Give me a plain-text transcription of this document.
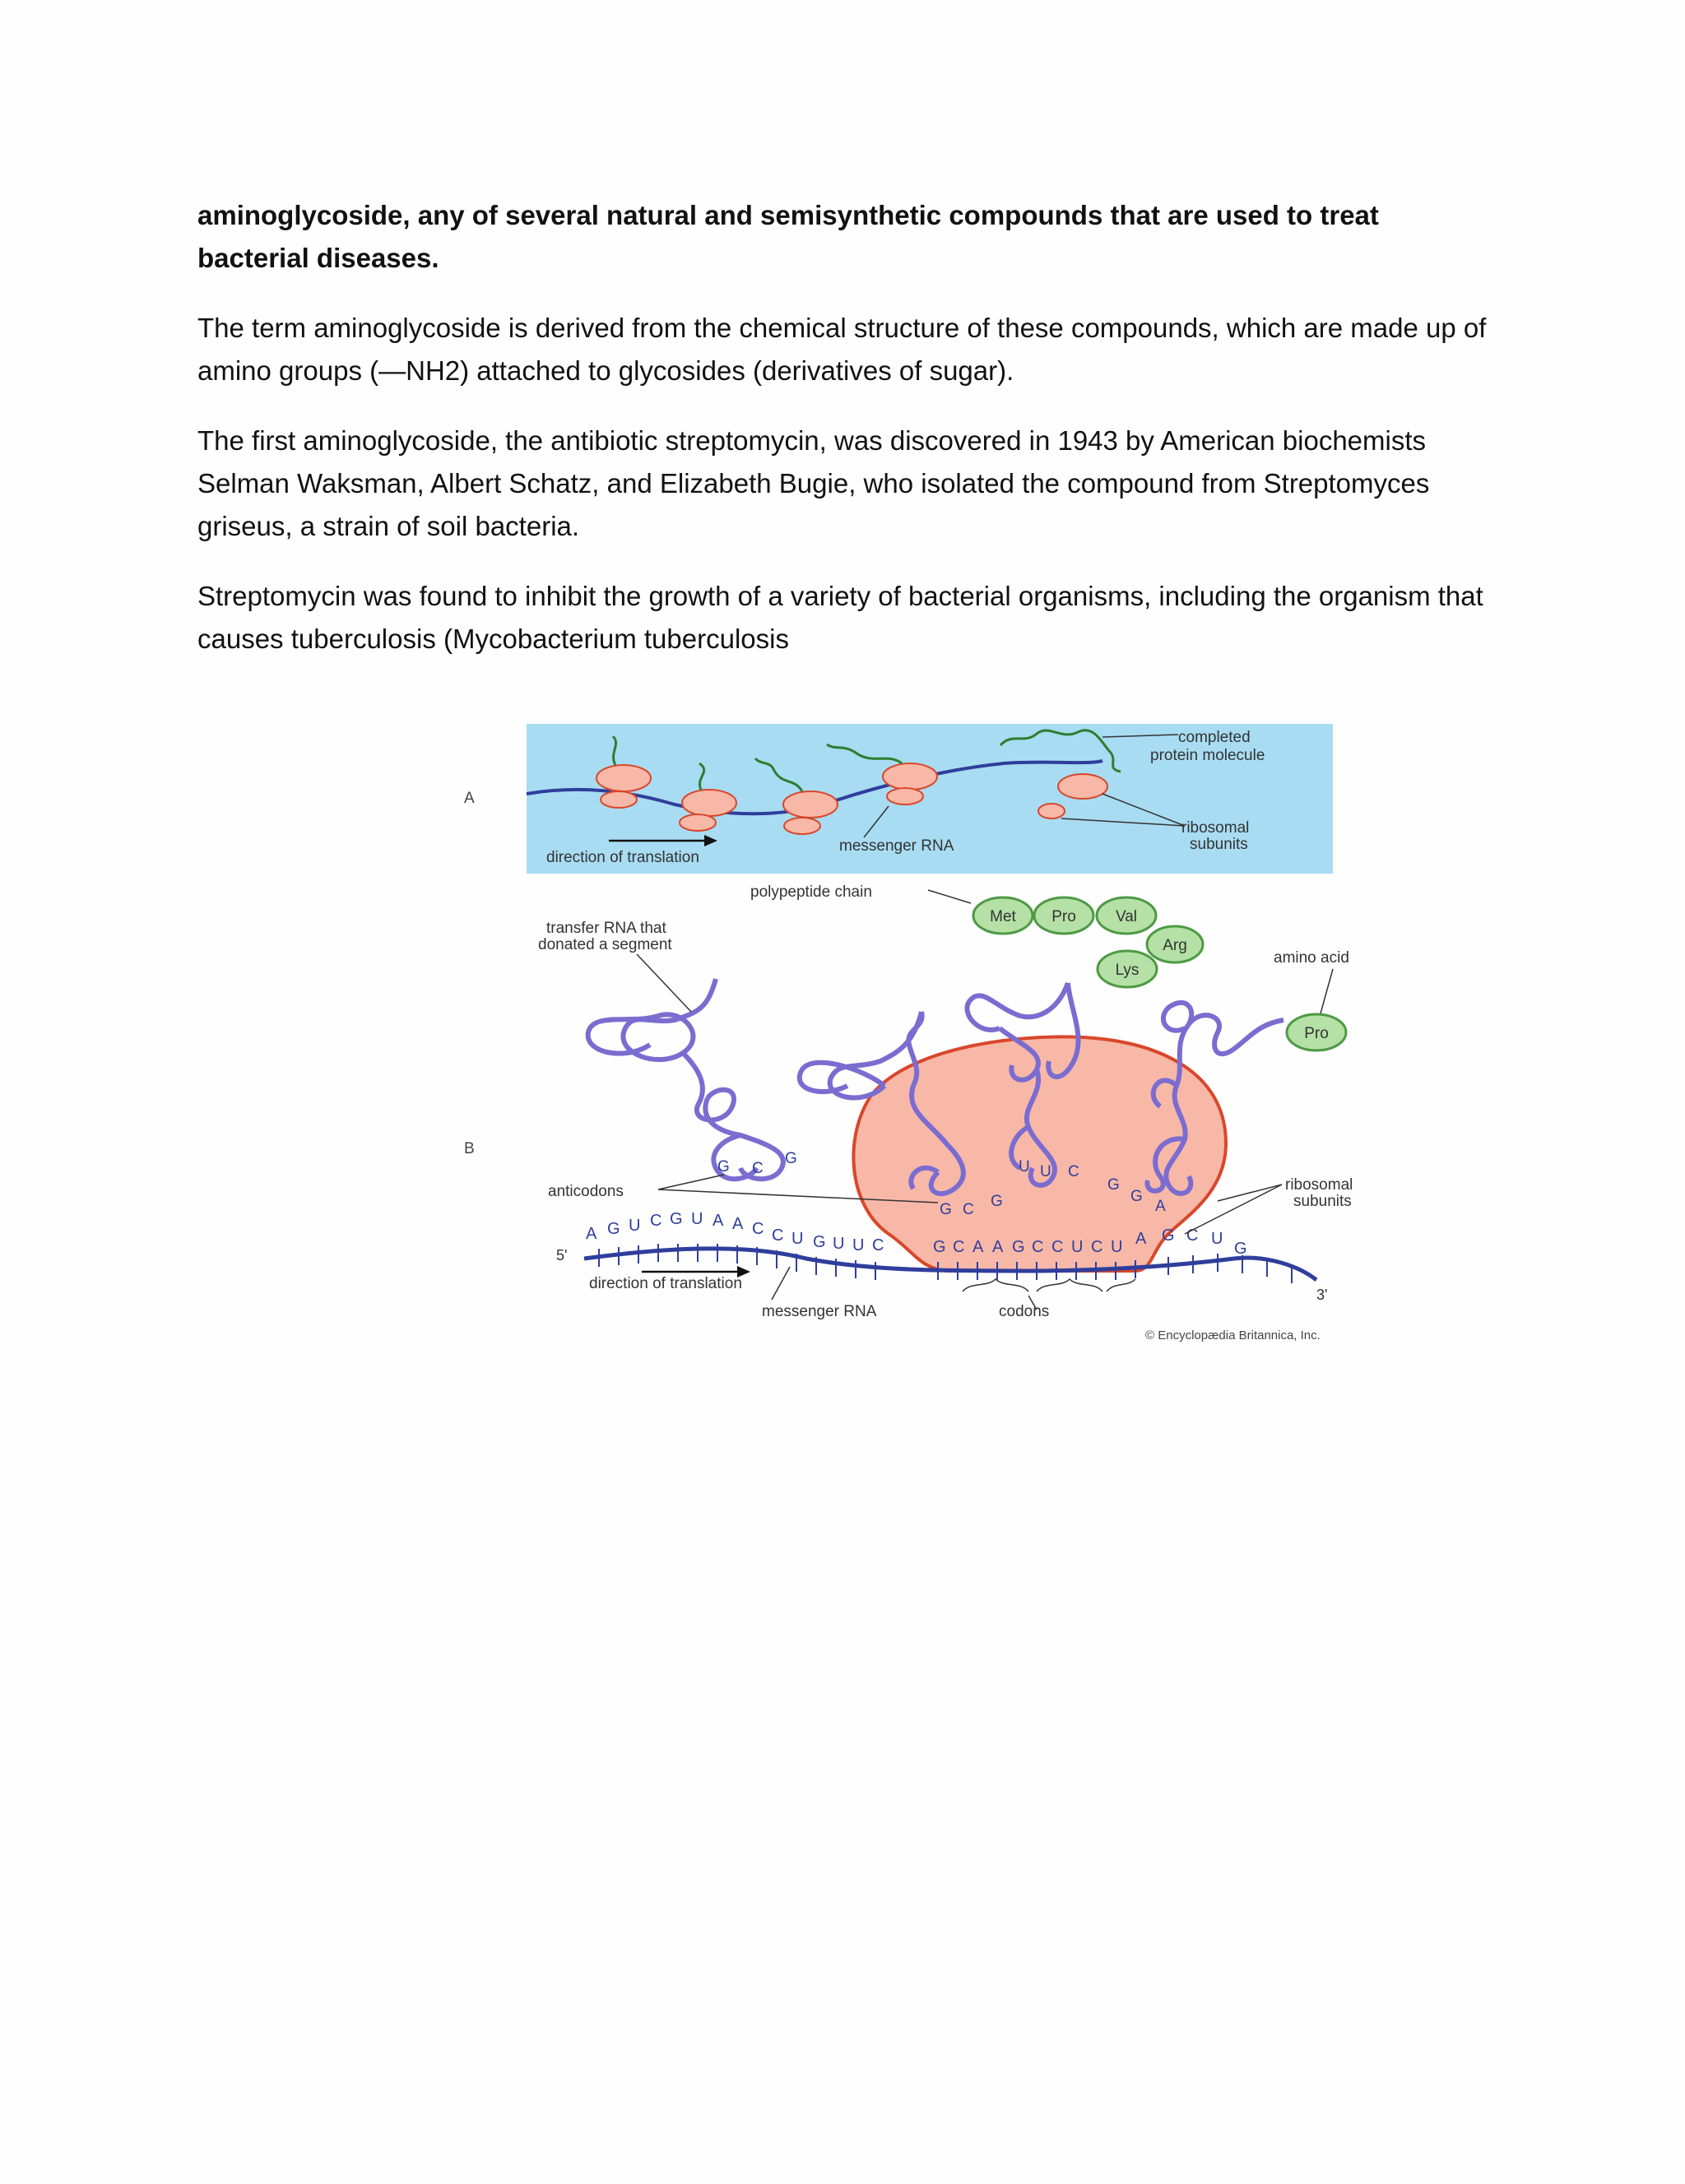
aminoglycoside, any of several natural and semisynthetic compounds that are used to treat bacterial diseases.

The term aminoglycoside is derived from the chemical structure of these compounds, which are made up of amino groups (—NH2) attached to glycosides (derivatives of sugar).

The first aminoglycoside, the antibiotic streptomycin, was discovered in 1943 by American biochemists Selman Waksman, Albert Schatz, and Elizabeth Bugie, who isolated the compound from Streptomyces griseus, a strain of soil bacteria.

Streptomycin was found to inhibit the growth of a variety of bacterial organisms, including the organism that causes tuberculosis (Mycobacterium tuberculosis

A
completed
protein molecule
ribosomal
subunits
messenger RNA
direction of translation
B
A G U C G U A A C C U G U U C	G C A A G C C U C U A G C U
G
5'
3'
Met Pro	Val
Arg
Lys
Pro
G C
G
G C G
U U C
G
G
A
polypeptide chain
transfer RNA that
donated a segment
amino acid
anticodons	ribosomal
subunits
direction of translation
messenger RNA	codons
© Encyclopædia Britannica, Inc.
